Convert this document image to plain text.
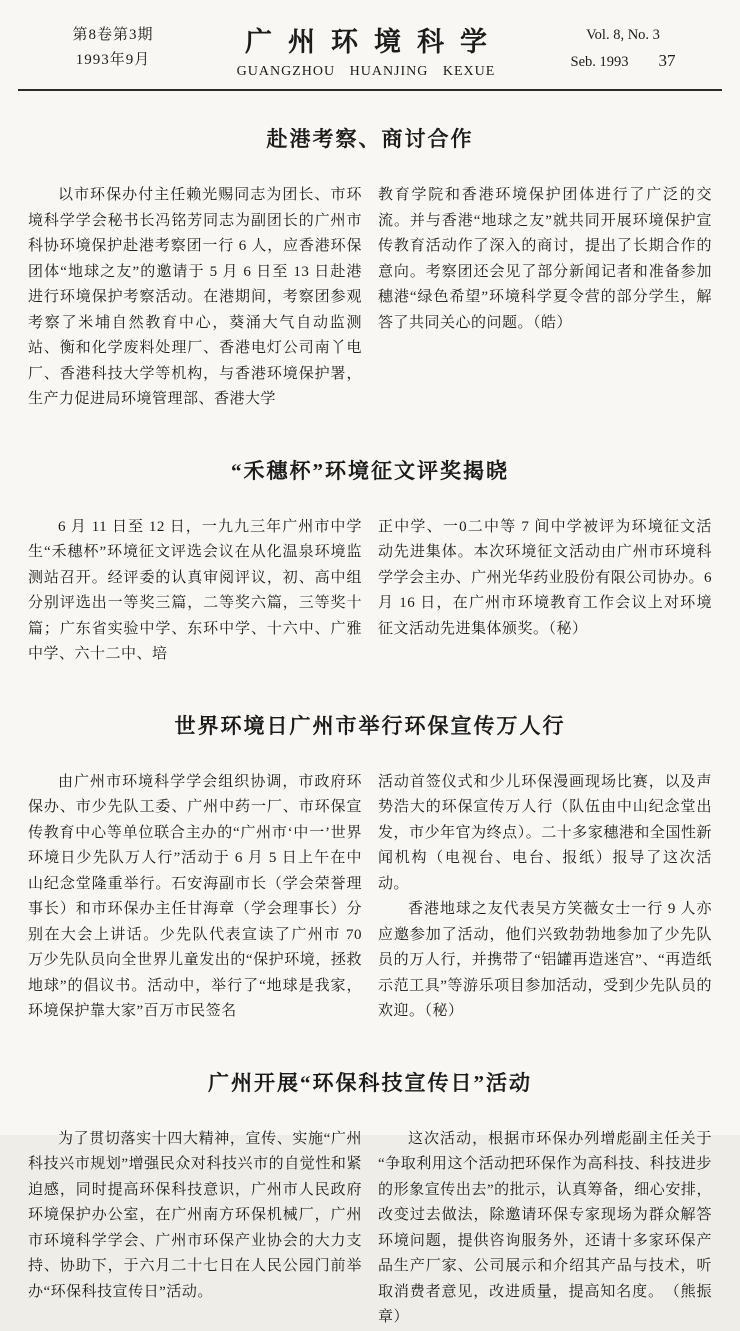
第8卷第3期
1993年9月
广州环境科学
GUANGZHOU HUANJING KEXUE
Vol. 8, No. 3
Seb. 1993 37
赴港考察、商讨合作

以市环保办付主任赖光赐同志为团长、市环境科学学会秘书长冯铭芳同志为副团长的广州市科协环境保护赴港考察团一行 6 人，应香港环保团体“地球之友”的邀请于 5 月 6 日至 13 日赴港进行环境保护考察活动。在港期间，考察团参观考察了米埔自然教育中心，葵涌大气自动监测站、衡和化学废料处理厂、香港电灯公司南丫电厂、香港科技大学等机构，与香港环境保护署，生产力促进局环境管理部、香港大学

教育学院和香港环境保护团体进行了广泛的交流。并与香港“地球之友”就共同开展环境保护宣传教育活动作了深入的商讨，提出了长期合作的意向。考察团还会见了部分新闻记者和准备参加穗港“绿色希望”环境科学夏令营的部分学生，解答了共同关心的问题。（皓）

“禾穗杯”环境征文评奖揭晓

6 月 11 日至 12 日，一九九三年广州市中学生“禾穗杯”环境征文评选会议在从化温泉环境监测站召开。经评委的认真审阅评议，初、高中组分别评选出一等奖三篇，二等奖六篇，三等奖十篇；广东省实验中学、东环中学、十六中、广雅中学、六十二中、培

正中学、一0二中等 7 间中学被评为环境征文活动先进集体。本次环境征文活动由广州市环境科学学会主办、广州光华药业股份有限公司协办。6 月 16 日，在广州市环境教育工作会议上对环境征文活动先进集体颁奖。（秘）

世界环境日广州市举行环保宣传万人行

由广州市环境科学学会组织协调，市政府环保办、市少先队工委、广州中药一厂、市环保宣传教育中心等单位联合主办的“广州市‘中一’世界环境日少先队万人行”活动于 6 月 5 日上午在中山纪念堂隆重举行。石安海副市长（学会荣誉理事长）和市环保办主任甘海章（学会理事长）分别在大会上讲话。少先队代表宣读了广州市 70 万少先队员向全世界儿童发出的“保护环境，拯救地球”的倡议书。活动中，举行了“地球是我家，环境保护靠大家”百万市民签名

活动首签仪式和少儿环保漫画现场比赛，以及声势浩大的环保宣传万人行（队伍由中山纪念堂出发，市少年官为终点）。二十多家穗港和全国性新闻机构（电视台、电台、报纸）报导了这次活动。

香港地球之友代表吴方笑薇女士一行 9 人亦应邀参加了活动，他们兴致勃勃地参加了少先队员的万人行，并携带了“铝罐再造迷宫”、“再造纸示范工具”等游乐项目参加活动，受到少先队员的欢迎。（秘）

广州开展“环保科技宣传日”活动

为了贯切落实十四大精神，宣传、实施“广州科技兴市规划”增强民众对科技兴市的自觉性和紧迫感，同时提高环保科技意识，广州市人民政府环境保护办公室，在广州南方环保机械厂，广州市环境科学学会、广州市环保产业协会的大力支持、协助下，于六月二十七日在人民公园门前举办“环保科技宣传日”活动。

这次活动，根据市环保办列增彪副主任关于“争取利用这个活动把环保作为高科技、科技进步的形象宣传出去”的批示，认真筹备，细心安排，改变过去做法，除邀请环保专家现场为群众解答环境问题，提供咨询服务外，还请十多家环保产品生产厂家、公司展示和介绍其产品与技术，听取消费者意见，改进质量，提高知名度。　（熊振章）
